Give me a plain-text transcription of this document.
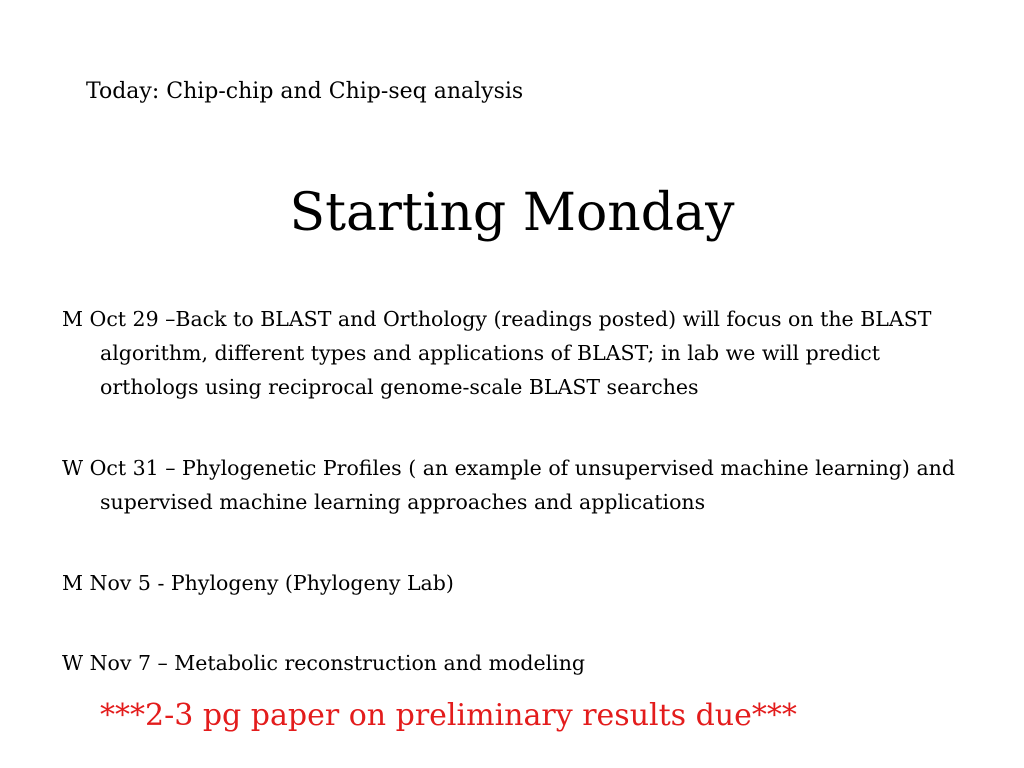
Today: Chip-chip and Chip-seq analysis
Starting Monday
M Oct 29 –Back to BLAST and Orthology (readings posted) will focus on the BLAST algorithm, different types and applications of BLAST; in lab we will predict orthologs using reciprocal genome-scale BLAST searches
W Oct 31 – Phylogenetic Profiles ( an example of unsupervised machine learning) and supervised machine learning approaches and applications
M Nov 5 - Phylogeny (Phylogeny Lab)
W Nov 7 – Metabolic reconstruction and modeling
***2-3 pg paper on preliminary results due***
